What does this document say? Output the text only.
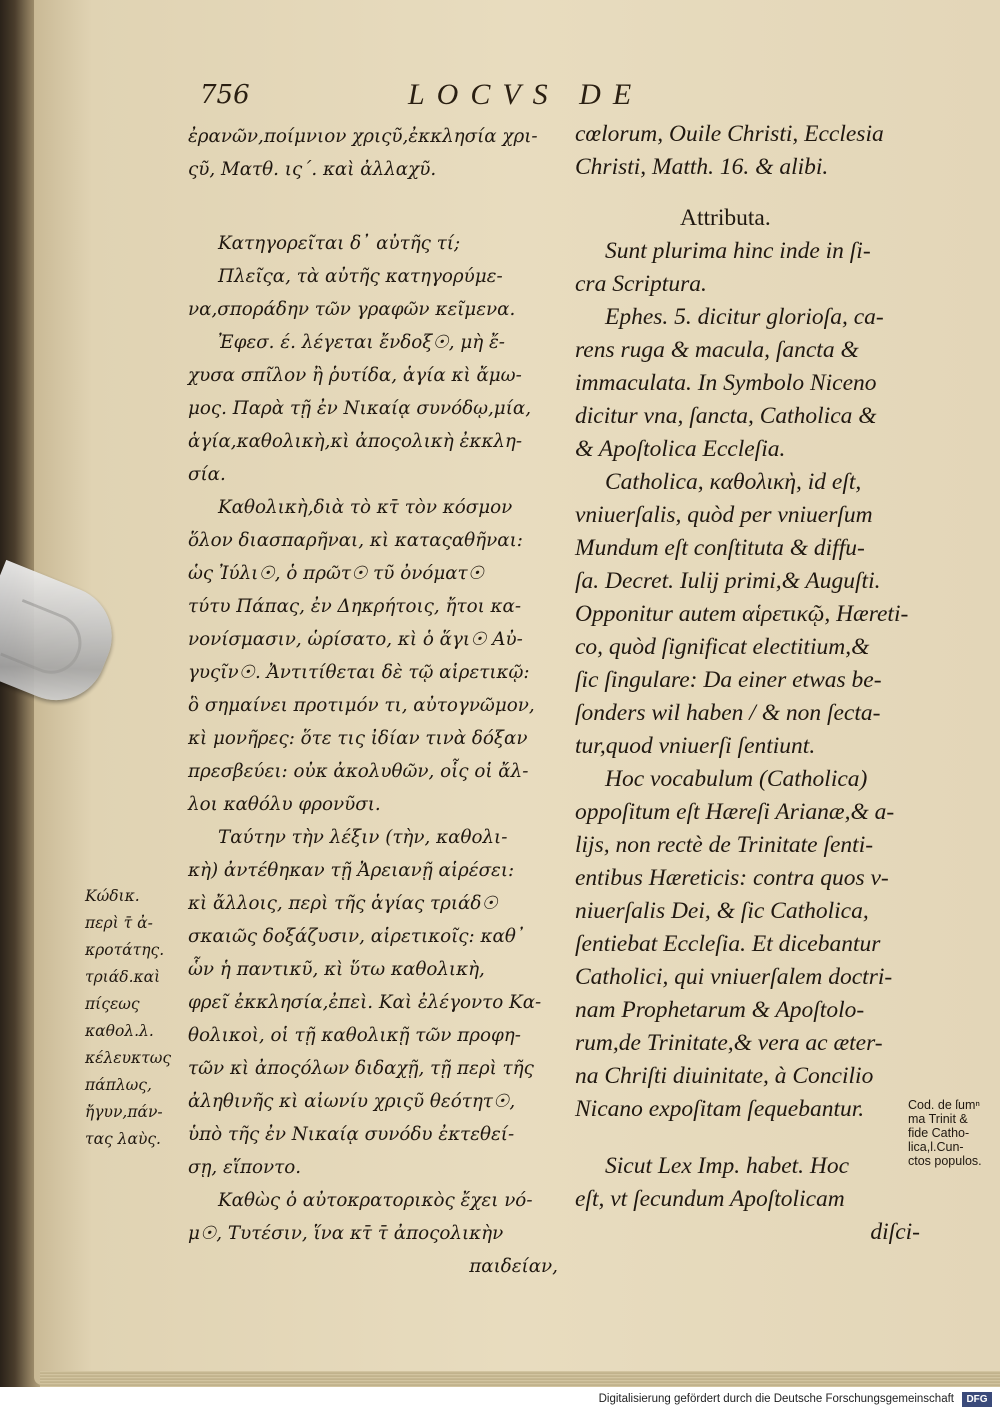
756	LOCVS DE

ἐρανῶν,ποίμνιον χριςῦ,ἐκκλησία χρι-

ςῦ, Ματθ. ις΄. καὶ ἀλλαχῦ.

Κατηγορεῖται δ᾽ αὐτῆς τί;

Πλεῖςα, τὰ αὐτῆς κατηγορύμε-

να,σποράδην τῶν γραφῶν κεῖμενα.

Ἐφεσ. έ. λέγεται ἔνδοξ☉, μὴ ἔ-

χυσα σπῖλον ἢ ῥυτίδα, ἁγία κὶ ἄμω-

μος. Παρὰ τῇ ἐν Νικαίᾳ συνόδῳ,μία,

ἁγία,καθολικὴ,κὶ ἀποςολικὴ ἐκκλη-

σία.

Καθολικὴ,διὰ τὸ κτ̄ τὸν κόσμον

ὅλον διασπαρῆναι, κὶ καταςαθῆναι:

ὡς Ἰύλι☉, ὁ πρῶτ☉ τῦ ὀνόματ☉

τύτυ Πάπας, ἐν Δηκρήτοις, ἤτοι κα-

νονίσμασιν, ὡρίσατο, κὶ ὁ ἅγι☉ Αὐ-

γυςῖν☉. Ἀντιτίθεται δὲ τῷ αἱρετικῷ:

ὃ σημαίνει προτιμόν τι, αὐτογνῶμον,

κὶ μονῆρες: ὅτε τις ἰδίαν τινὰ δόξαν

πρεσβεύει: οὐκ ἀκολυθῶν, οἷς οἱ ἄλ-

λοι καθόλυ φρονῦσι.

Ταύτην τὴν λέξιν (τὴν, καθολι-

κὴ) ἀντέθηκαν τῇ Ἀρειανῇ αἱρέσει:

κὶ ἄλλοις, περὶ τῆς ἁγίας τριάδ☉

σκαιῶς δοξάζυσιν, αἱρετικοῖς: καθ᾽

ὧν ἡ παντικῦ, κὶ ὕτω καθολικὴ,

φρεῖ ἐκκλησία,ἐπεὶ. Καὶ ἐλέγοντο Κα-

θολικοὶ, οἱ τῇ καθολικῇ τῶν προφη-

τῶν κὶ ἀποςόλων διδαχῇ, τῇ περὶ τῆς

ἀληθινῆς κὶ αἰωνίυ χριςῦ θεότητ☉,

ὑπὸ τῆς ἐν Νικαίᾳ συνόδυ ἐκτεθεί-

σῃ, εἵποντο.

Καθὼς ὁ αὐτοκρατορικὸς ἔχει νό-

μ☉, Τυτέσιν, ἵνα κτ̄ τ̄ ἀποςολικὴν

παιδείαν,

cœlorum, Ouile Christi, Ecclesia

Christi, Matth. 16. & alibi.

Attributa.

Sunt plurima hinc inde in ſi-

cra Scriptura.

Ephes. 5. dicitur glorioſa, ca-

rens ruga & macula, ſancta &

immaculata. In Symbolo Niceno

dicitur vna, ſancta, Catholica &

& Apoſtolica Eccleſia.

Catholica, καθολικὴ, id eſt,

vniuerſalis, quòd per vniuerſum

Mundum eſt conſtituta & diffu-

ſa. Decret. Iulij primi,& Auguſti.

Opponitur autem αἱρετικῷ, Hæreti-

co, quòd ſignificat electitium,&

ſic ſingulare: Da einer etwas be-

ſonders wil haben / & non ſecta-

tur,quod vniuerſi ſentiunt.

Hoc vocabulum (Catholica)

oppoſitum eſt Hæreſi Arianæ,& a-

lijs, non rectè de Trinitate ſenti-

entibus Hæreticis: contra quos v-

niuerſalis Dei, & ſic Catholica,

ſentiebat Eccleſia. Et dicebantur

Catholici, qui vniuerſalem doctri-

nam Prophetarum & Apoſtolo-

rum,de Trinitate,& vera ac æter-

na Chriſti diuinitate, à Concilio

Nicano expoſitam ſequebantur.

Sicut Lex Imp. habet. Hoc

eſt, vt ſecundum Apoſtolicam

diſci-

Κώδικ.
περὶ τ̄ ἀ-
κροτάτης.
τριάδ.καὶ
πίςεως
καθολ.λ.
κέλευκτως
πάπλως,
ἤγυν,πάν-
τας λαὺς.
Cod. de ſumⁿ
ma Trinit &
fide Catho-
lica,l.Cun-
ctos populos.
Digitalisierung gefördert durch die Deutsche Forschungsgemeinschaft	DFG
